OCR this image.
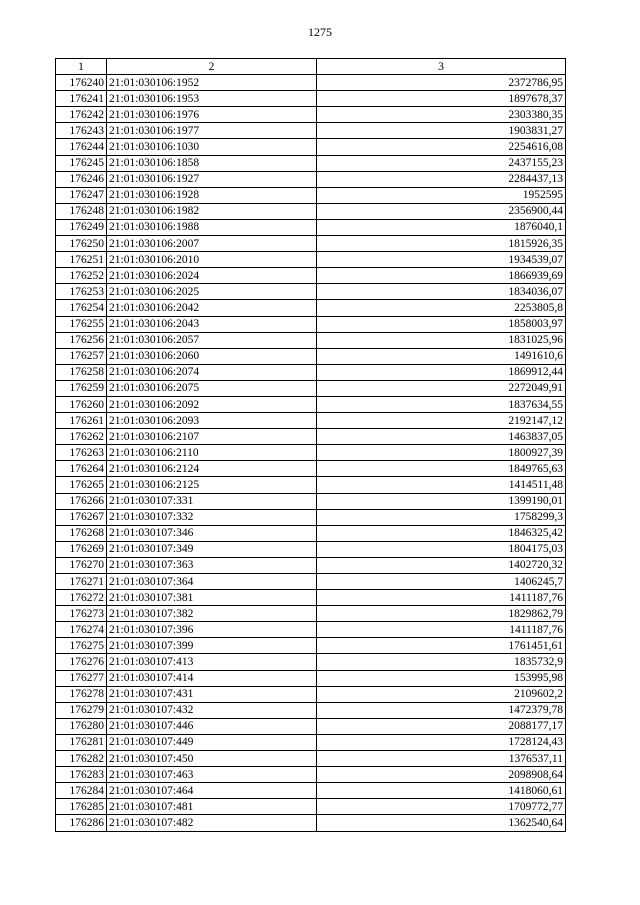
1275
1	2	3
176240	21:01:030106:1952	2372786,95
176241	21:01:030106:1953	1897678,37
176242	21:01:030106:1976	2303380,35
176243	21:01:030106:1977	1903831,27
176244	21:01:030106:1030	2254616,08
176245	21:01:030106:1858	2437155,23
176246	21:01:030106:1927	2284437,13
176247	21:01:030106:1928	1952595
176248	21:01:030106:1982	2356900,44
176249	21:01:030106:1988	1876040,1
176250	21:01:030106:2007	1815926,35
176251	21:01:030106:2010	1934539,07
176252	21:01:030106:2024	1866939,69
176253	21:01:030106:2025	1834036,07
176254	21:01:030106:2042	2253805,8
176255	21:01:030106:2043	1858003,97
176256	21:01:030106:2057	1831025,96
176257	21:01:030106:2060	1491610,6
176258	21:01:030106:2074	1869912,44
176259	21:01:030106:2075	2272049,91
176260	21:01:030106:2092	1837634,55
176261	21:01:030106:2093	2192147,12
176262	21:01:030106:2107	1463837,05
176263	21:01:030106:2110	1800927,39
176264	21:01:030106:2124	1849765,63
176265	21:01:030106:2125	1414511,48
176266	21:01:030107:331	1399190,01
176267	21:01:030107:332	1758299,3
176268	21:01:030107:346	1846325,42
176269	21:01:030107:349	1804175,03
176270	21:01:030107:363	1402720,32
176271	21:01:030107:364	1406245,7
176272	21:01:030107:381	1411187,76
176273	21:01:030107:382	1829862,79
176274	21:01:030107:396	1411187,76
176275	21:01:030107:399	1761451,61
176276	21:01:030107:413	1835732,9
176277	21:01:030107:414	153995,98
176278	21:01:030107:431	2109602,2
176279	21:01:030107:432	1472379,78
176280	21:01:030107:446	2088177,17
176281	21:01:030107:449	1728124,43
176282	21:01:030107:450	1376537,11
176283	21:01:030107:463	2098908,64
176284	21:01:030107:464	1418060,61
176285	21:01:030107:481	1709772,77
176286	21:01:030107:482	1362540,64
